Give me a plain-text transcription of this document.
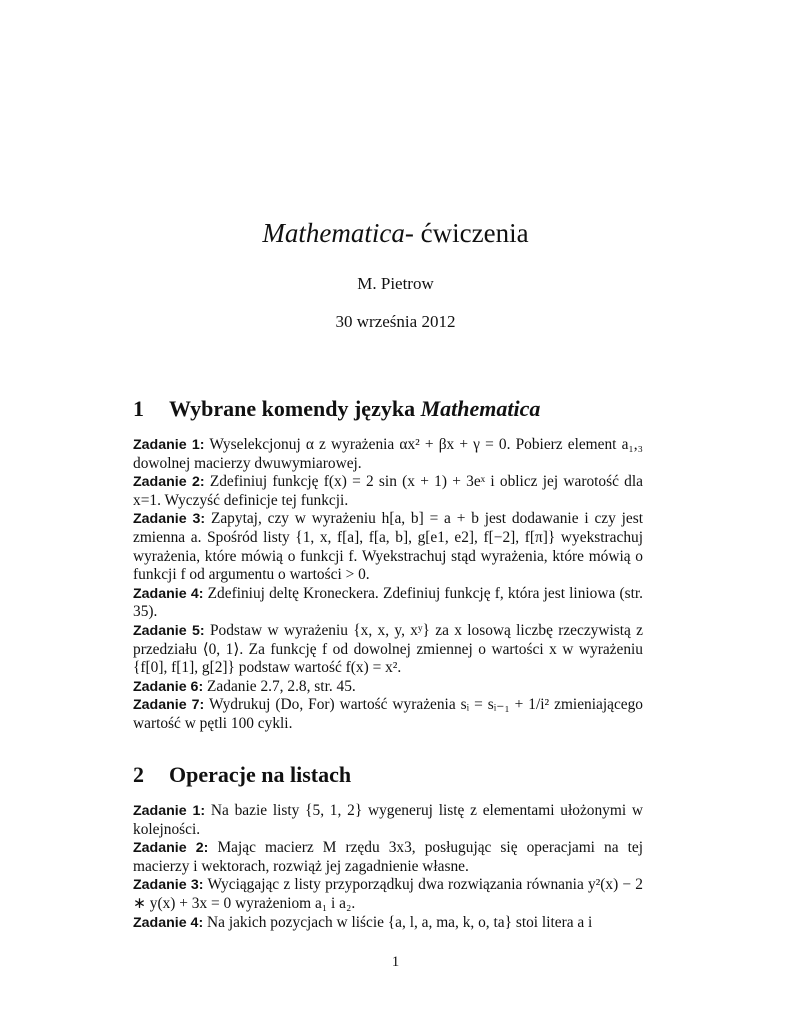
Mathematica- ćwiczenia
M. Pietrow
30 września 2012
1 Wybrane komendy języka Mathematica

Zadanie 1: Wyselekcjonuj α z wyrażenia αx² + βx + γ = 0. Pobierz element a₁,₃ dowolnej macierzy dwuwymiarowej.

Zadanie 2: Zdefiniuj funkcję f(x) = 2 sin (x + 1) + 3eˣ i oblicz jej warotość dla x=1. Wyczyść definicje tej funkcji.

Zadanie 3: Zapytaj, czy w wyrażeniu h[a, b] = a + b jest dodawanie i czy jest zmienna a. Spośród listy {1, x, f[a], f[a, b], g[e1, e2], f[−2], f[π]} wyekstrachuj wyrażenia, które mówią o funkcji f. Wyekstrachuj stąd wyrażenia, które mówią o funkcji f od argumentu o wartości > 0.

Zadanie 4: Zdefiniuj deltę Kroneckera. Zdefiniuj funkcję f, która jest liniowa (str. 35).

Zadanie 5: Podstaw w wyrażeniu {x, x, y, xʸ} za x losową liczbę rzeczywistą z przedziału ⟨0, 1⟩. Za funkcję f od dowolnej zmiennej o wartości x w wyrażeniu {f[0], f[1], g[2]} podstaw wartość f(x) = x².

Zadanie 6: Zadanie 2.7, 2.8, str. 45.

Zadanie 7: Wydrukuj (Do, For) wartość wyrażenia sᵢ = sᵢ₋₁ + 1/i² zmieniającego wartość w pętli 100 cykli.

2 Operacje na listach

Zadanie 1: Na bazie listy {5, 1, 2} wygeneruj listę z elementami ułożonymi w kolejności.

Zadanie 2: Mając macierz M rzędu 3x3, posługując się operacjami na tej macierzy i wektorach, rozwiąż jej zagadnienie własne.

Zadanie 3: Wyciągając z listy przyporządkuj dwa rozwiązania równania y²(x) − 2 ∗ y(x) + 3x = 0 wyrażeniom a₁ i a₂.

Zadanie 4: Na jakich pozycjach w liście {a, l, a, ma, k, o, ta} stoi litera a i

1
